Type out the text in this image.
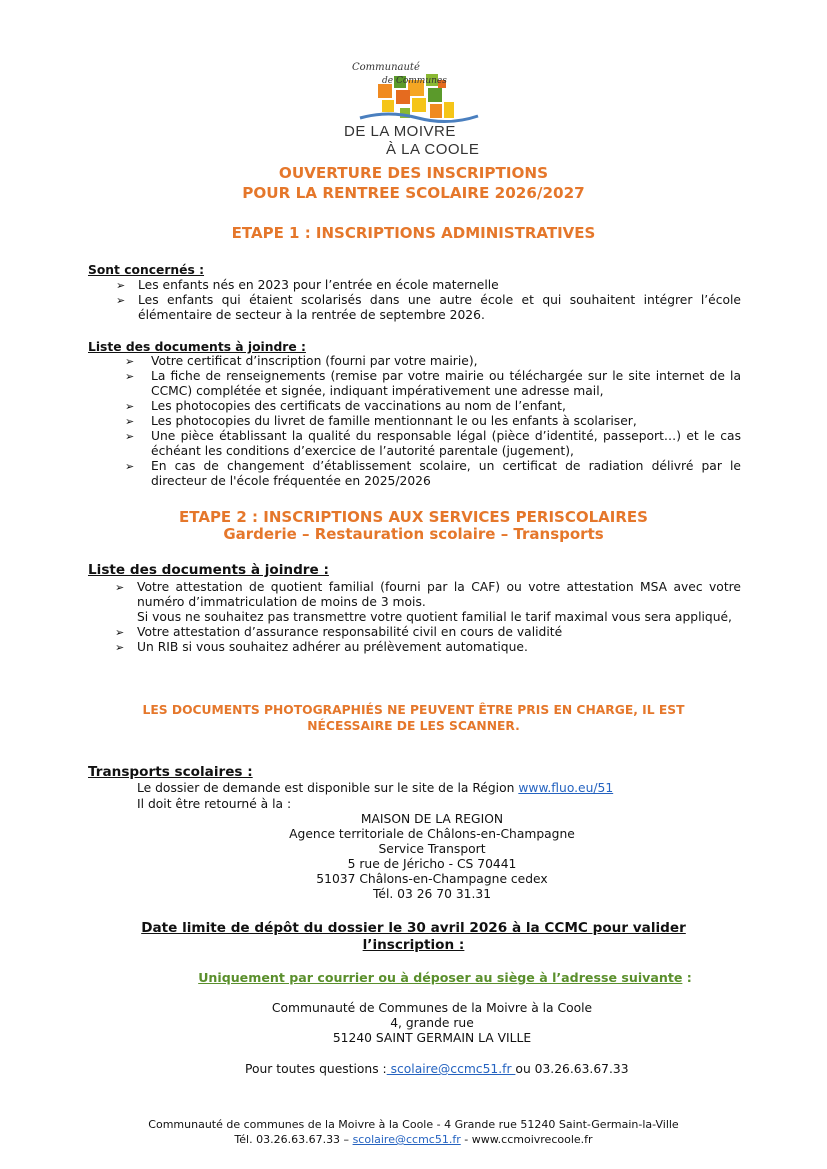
Communauté
de Communes
DE LA MOIVRE
À LA COOLE
OUVERTURE DES INSCRIPTIONS
POUR LA RENTREE SCOLAIRE 2026/2027
ETAPE 1 : INSCRIPTIONS ADMINISTRATIVES
Sont concernés :
➢ Les enfants nés en 2023 pour l’entrée en école maternelle
➢ Les enfants qui étaient scolarisés dans une autre école et qui souhaitent intégrer l’école élémentaire de secteur à la rentrée de septembre 2026.
Liste des documents à joindre :
➢ Votre certificat d’inscription (fourni par votre mairie),
➢ La fiche de renseignements (remise par votre mairie ou téléchargée sur le site internet de la CCMC) complétée et signée, indiquant impérativement une adresse mail,
➢ Les photocopies des certificats de vaccinations au nom de l’enfant,
➢ Les photocopies du livret de famille mentionnant le ou les enfants à scolariser,
➢ Une pièce établissant la qualité du responsable légal (pièce d’identité, passeport…) et le cas échéant les conditions d’exercice de l’autorité parentale (jugement),
➢ En cas de changement d’établissement scolaire, un certificat de radiation délivré par le directeur de l'école fréquentée en 2025/2026
ETAPE 2 : INSCRIPTIONS AUX SERVICES PERISCOLAIRES
Garderie – Restauration scolaire – Transports
Liste des documents à joindre :
➢ Votre attestation de quotient familial (fourni par la CAF) ou votre attestation MSA avec votre numéro d’immatriculation de moins de 3 mois.
Si vous ne souhaitez pas transmettre votre quotient familial le tarif maximal vous sera appliqué,
➢ Votre attestation d’assurance responsabilité civil en cours de validité
➢ Un RIB si vous souhaitez adhérer au prélèvement automatique.
LES DOCUMENTS PHOTOGRAPHIÉS NE PEUVENT ÊTRE PRIS EN CHARGE, IL EST
NÉCESSAIRE DE LES SCANNER.
Transports scolaires :
Le dossier de demande est disponible sur le site de la Région www.fluo.eu/51
Il doit être retourné à la :
MAISON DE LA REGION
Agence territoriale de Châlons-en-Champagne
Service Transport
5 rue de Jéricho - CS 70441
51037 Châlons-en-Champagne cedex
Tél. 03 26 70 31.31
Date limite de dépôt du dossier le 30 avril 2026 à la CCMC pour valider
l’inscription :
Uniquement par courrier ou à déposer au siège à l’adresse suivante :
Communauté de Communes de la Moivre à la Coole
4, grande rue
51240 SAINT GERMAIN LA VILLE
Pour toutes questions : scolaire@ccmc51.fr ou 03.26.63.67.33
Communauté de communes de la Moivre à la Coole - 4 Grande rue 51240 Saint-Germain-la-Ville
Tél. 03.26.63.67.33 – scolaire@ccmc51.fr - www.ccmoivrecoole.fr
